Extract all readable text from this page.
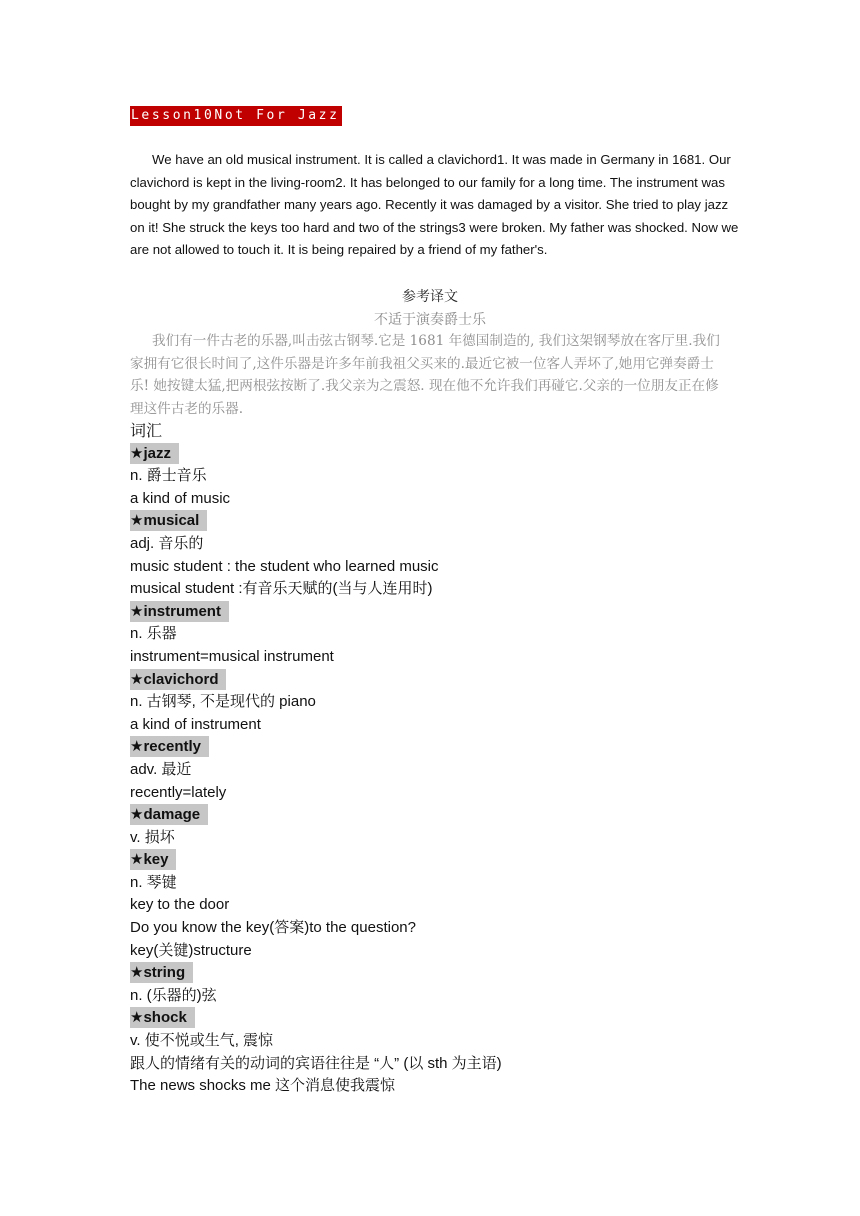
Lesson10Not For Jazz

We have an old musical instrument. It is called a clavichord1. It was made in Germany in 1681. Our clavichord is kept in the living-room2. It has belonged to our family for a long time. The instrument was bought by my grandfather many years ago. Recently it was damaged by a visitor. She tried to play jazz on it! She struck the keys too hard and two of the strings3 were broken. My father was shocked. Now we are not allowed to touch it. It is being repaired by a friend of my father's.

参考译文

不适于演奏爵士乐

我们有一件古老的乐器,叫击弦古钢琴.它是 1681 年德国制造的, 我们这架钢琴放在客厅里.我们家拥有它很长时间了,这件乐器是许多年前我祖父买来的.最近它被一位客人弄坏了,她用它弹奏爵士乐! 她按键太猛,把两根弦按断了.我父亲为之震怒. 现在他不允许我们再碰它.父亲的一位朋友正在修理这件古老的乐器.

词汇
★jazz
n. 爵士音乐
a kind of music
★musical
adj. 音乐的
music student : the student who learned music
musical student :有音乐天赋的(当与人连用时)
★instrument
n. 乐器
instrument=musical instrument
★clavichord
n. 古钢琴, 不是现代的 piano
a kind of instrument
★recently
adv. 最近
recently=lately
★damage
v. 损坏
★key
n. 琴键
key to the door
Do you know the key(答案)to the question?
key(关键)structure
★string
n. (乐器的)弦
★shock
v. 使不悦或生气, 震惊
跟人的情绪有关的动词的宾语往往是 “人” (以 sth 为主语)
The news shocks me 这个消息使我震惊
